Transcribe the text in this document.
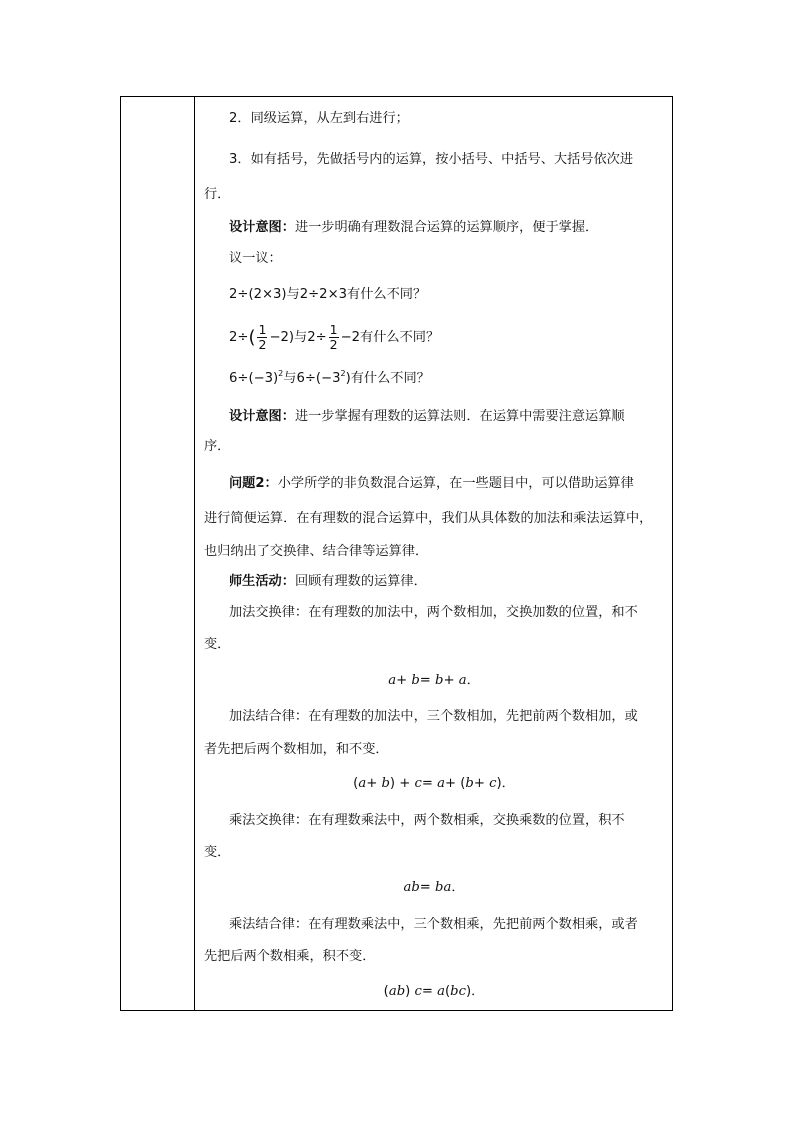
2．同级运算，从左到右进行；
3．如有括号，先做括号内的运算，按小括号、中括号、大括号依次进
行．
设计意图：进一步明确有理数混合运算的运算顺序，便于掌握．
议一议：
2÷(2×3)与2÷2×3有什么不同？
$2\div( \frac{1}{2} -2)$与$2\div \frac{1}{2} -2$有什么不同？
$6\div(-3)^2$与$6\div(-3^2)$有什么不同？
设计意图：进一步掌握有理数的运算法则．在运算中需要注意运算顺
序．
问题2：小学所学的非负数混合运算，在一些题目中，可以借助运算律
进行简便运算．在有理数的混合运算中，我们从具体数的加法和乘法运算中，
也归纳出了交换律、结合律等运算律．
师生活动：回顾有理数的运算律．
加法交换律：在有理数的加法中，两个数相加，交换加数的位置，和不
变．
a+ b= b+ a．
加法结合律：在有理数的加法中，三个数相加，先把前两个数相加，或
者先把后两个数相加，和不变．
(a+ b) + c= a+ (b+ c)．
乘法交换律：在有理数乘法中，两个数相乘，交换乘数的位置，积不
变．
ab= ba．
乘法结合律：在有理数乘法中，三个数相乘，先把前两个数相乘，或者
先把后两个数相乘，积不变．
(ab) c= a(bc)．
